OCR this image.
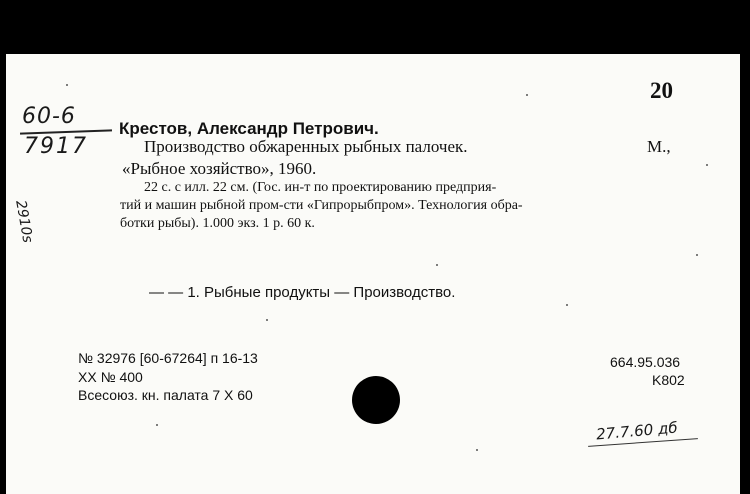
20
60-6
7917
2910s
Крестов, Александр Петрович.
Производство обжаренных рыбных палочек.	М.,
«Рыбное хозяйство», 1960.
22 с. с илл. 22 см. (Гос. ин-т по проектированию предприя-
тий и машин рыбной пром-сти «Гипрорыбпром». Технология обра-
ботки рыбы). 1.000 экз. 1 р. 60 к.
— — 1. Рыбные продукты — Производство.
№ 32976 [60-67264] п 16-13
XX № 400
Всесоюз. кн. палата 7 X 60
664.95.036
K802
27.7.60 дб
